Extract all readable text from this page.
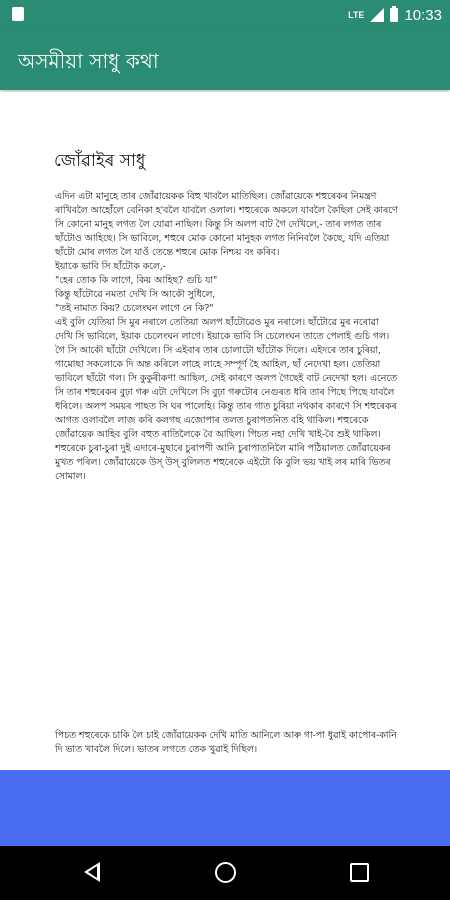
LTE	10:33
অসমীয়া সাধু কথা
জোঁৱাইৰ সাধু

এদিন এটা মানুহে তাৰ জোঁৱায়েকক বিহু খাবলৈ মাতিছিল। জোঁৱায়েকে শহুৰেকৰ নিমন্ত্ৰণ ৰাখিবলৈ আহোঁলে বেনিকা হ'বলৈ যাবলৈ ওলাল। শহুৰেকে অকলে যাবলৈ কৈছিল সেই কাৰণে সি কোনো মানুহ লগত লৈ যোৱা নাছিল। কিন্তু সি অলপ বাট গৈ দেখিলে,- তাৰ লগত তাৰ ছাঁটোও আহিছে। সি ভাবিলে, শহুৰে মোক কোনো মানুহক লগত নিনিবলৈ কৈছে, যদি এতিয়া ছাঁটো মোৰ লগত লৈ যাওঁ তেন্তে শহুৰে মোক নিশ্চয় বং কৰিব।

ইয়াকে ভাবি সি ছাঁটোক কলে,-

"হেৰ তোক কি লাগে, কিয় আহিছ? গুচি যা"

কিন্তু ছাঁটোৱে নমতা দেখি সি আকৌ সুধিলে,

"তই নামাত কিয়? চেলেংঘন লাগে নে কি?"

এই বুলি যেতিয়া সি মুৰ নৰালে তেতিয়া অলপ ছাঁটোৱেও মুৰ নৰালে। ছাঁটোৱে মুৰ নৰোৱা দেখি সি ভাবিলে, ইয়াক চেলেংঘন লাগে। ইয়াকে ভাবি সি চেলেংঘন তাতে পেলাই গুচি গল। গৈ সি আকৌ ছাঁটো দেখিলে। সি এইবাৰ তাৰ চোলাটো ছাঁটোক দিলে। এইদৰে তাৰ চুৰিয়া, গামোছা সকলোকে দি অন্ত কৰিলে লাহে লাহে সম্পূৰ্ণ হৈ আহিল, ছাঁ নেদেখা হল। তেতিয়া ভাবিলে ছাঁটো গল। সি কুকুৰীকণা আছিল, সেই কাৰণে অলপ গৈছেই বাট নেদেখা হল। এনেতে সি তাৰ শহুৰেকৰ বুঢ়া গৰু এটা দেখিলে সি বুঢ়া গৰুটোৰ নেগুৰত ধৰি তাৰ পিছে পিছে যাবলৈ ধৰিলে। অলপ সময়ৰ পাছত সি ঘৰ পালেহি। কিন্তু তাৰ গাত চুৰিয়া নথকাৰ কাৰণে সি শহুৰেকৰ আগত ওলাবলৈ লাজ কৰি কলগছ এজোপাৰ তলত চুৰাপতনিত বহি থাকিল। শহুৰেকে জোঁৱায়েক আহিব বুলি বহুত ৰাতিলৈকে বৈ আছিল। পিচত নহা দেখি খাই-বৈ শুই থাকিল। শহুৰেকে চুৰা-চুৰা দুই এদাৰে-মুছাৰে চুৰাপণী আনি চুৰাপাতনিলৈ মাৰি পঠিয়ালত জোঁৱায়েকৰ মুখত পৰিল। জোঁৱায়েকে উস্ উস্ বুলিলত শহুৰেকে এইটো কি বুলি ভয় খাই লৰ মাৰি ভিতৰ সোমাল।

পিচত শহুৰেকে চাকি লৈ চাই জোঁৱায়েকক দেখি মাতি আনিলে আৰু গা-পা ধুৱাই কাপোৰ-কানি দি ভাত খাবলৈ দিলে। ভাতৰ লগতে তেক খুৱাই দিছিল।
